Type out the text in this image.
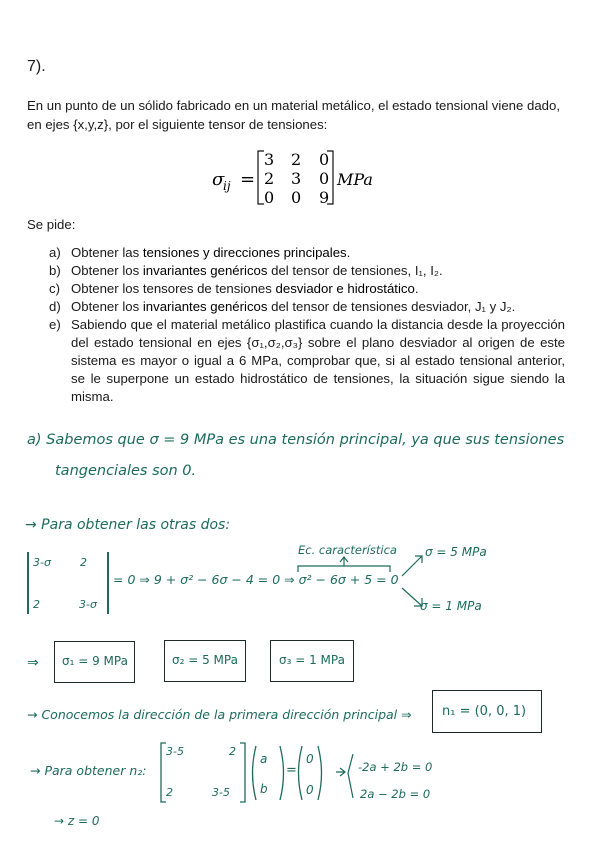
7).
En un punto de un sólido fabricado en un material metálico, el estado tensional viene dado, en ejes {x,y,z}, por el siguiente tensor de tensiones:
σ
ij =
3 2 0
2 3 0
0 0 9
MPa
Se pide:
a) Obtener las tensiones y direcciones principales.
b) Obtener los invariantes genéricos del tensor de tensiones, I₁, I₂.
c) Obtener los tensores de tensiones desviador e hidrostático.
d) Obtener los invariantes genéricos del tensor de tensiones desviador, J₁ y J₂.
e) Sabiendo que el material metálico plastifica cuando la distancia desde la proyección del estado tensional en ejes {σ₁,σ₂,σ₃} sobre el plano desviador al origen de este sistema es mayor o igual a 6 MPa, comprobar que, si al estado tensional anterior, se le superpone un estado hidrostático de tensiones, la situación sigue siendo la misma.
a) Sabemos que σ = 9 MPa es una tensión principal, ya que sus tensiones
tangenciales son 0.
→ Para obtener las otras dos:
3-σ	2
2	3-σ
= 0 ⇒ 9 + σ² − 6σ − 4 = 0 ⇒ σ² − 6σ + 5 = 0
Ec. característica σ = 5 MPa
σ = 1 MPa
⇒ σ₁ = 9 MPa	σ₂ = 5 MPa	σ₃ = 1 MPa
→ Conocemos la dirección de la primera dirección principal ⇒ n₁ = (0, 0, 1)
→ Para obtener n₂:
3-5	2
2	3-5
a
b
=
0
0
-2a + 2b = 0
2a − 2b = 0
→ z = 0
